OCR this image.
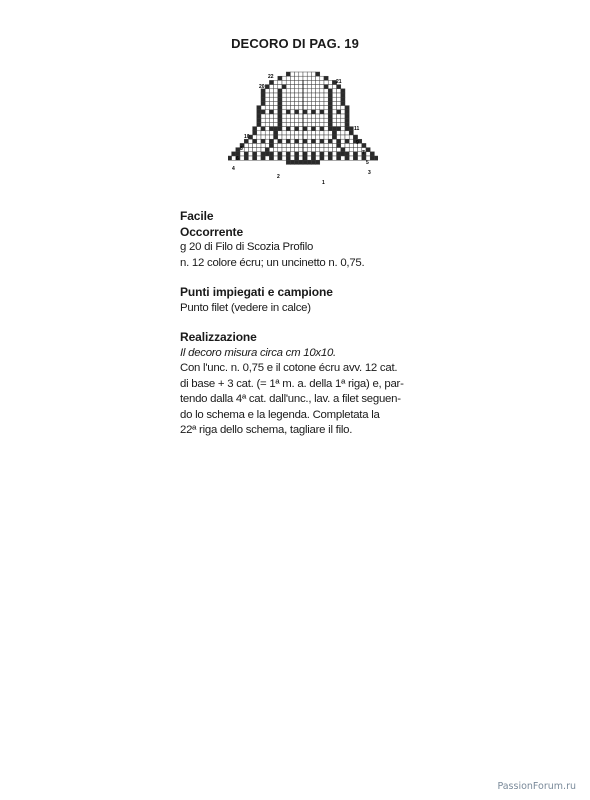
DECORO DI PAG. 19
22
20
21
11
10
9
8
7
6
5
4
3
2
1
Facile
Occorrente
g 20 di Filo di Scozia Profilo
n. 12 colore écru; un uncinetto n. 0,75.
Punti impiegati e campione
Punto filet (vedere in calce)
Realizzazione
Il decoro misura circa cm 10x10.
Con l'unc. n. 0,75 e il cotone écru avv. 12 cat.
di base + 3 cat. (= 1ª m. a. della 1ª riga) e, par-
tendo dalla 4ª cat. dall'unc., lav. a filet seguen-
do lo schema e la legenda. Completata la
22ª riga dello schema, tagliare il filo.
PassionForum.ru
